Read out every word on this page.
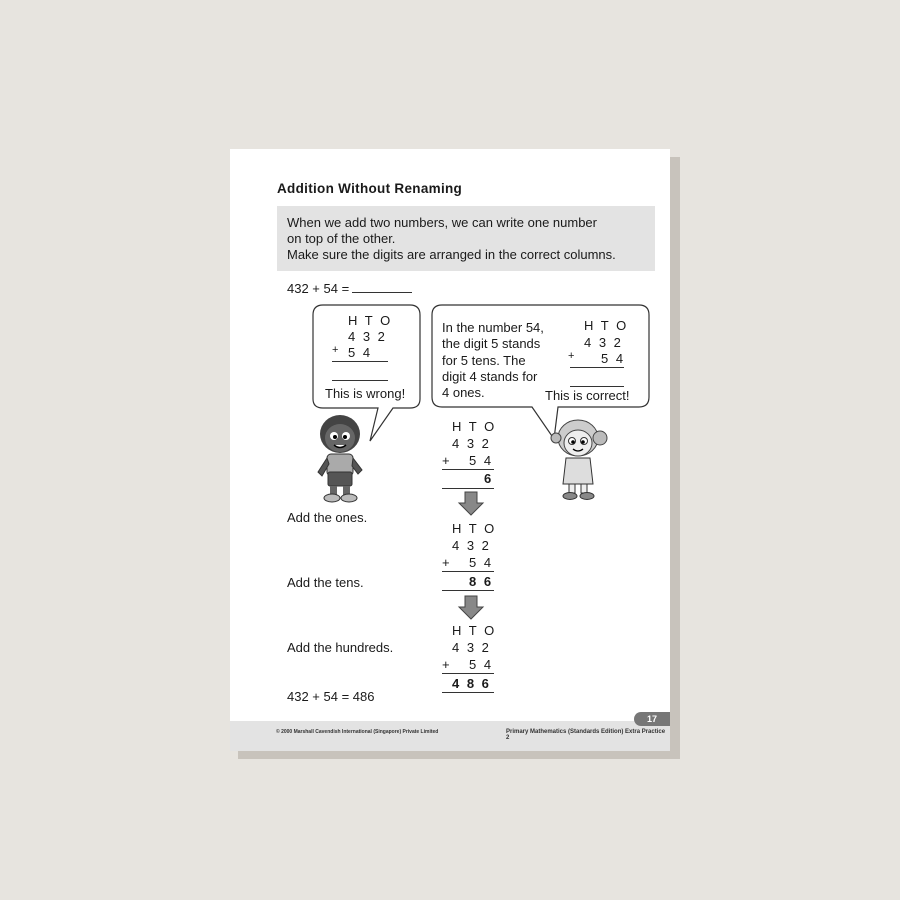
Addition Without Renaming
When we add two numbers, we can write one number
on top of the other.
Make sure the digits are arranged in the correct columns.
432 + 54 =
H T O
4 3 2
+ 5 4
This is wrong!
In the number 54,
the digit 5 stands
for 5 tens. The
digit 4 stands for
4 ones.
H T O
4 3 2
+ 5 4
This is correct!
H T O
4 3 2
+ 5 4
6
Add the ones.
H T O
4 3 2
+ 5 4
8 6
Add the tens.
H T O
4 3 2
+ 5 4
4 8 6
Add the hundreds.
432 + 54 = 486
17
© 2000 Marshall Cavendish International (Singapore) Private Limited	Primary Mathematics (Standards Edition) Extra Practice 2
